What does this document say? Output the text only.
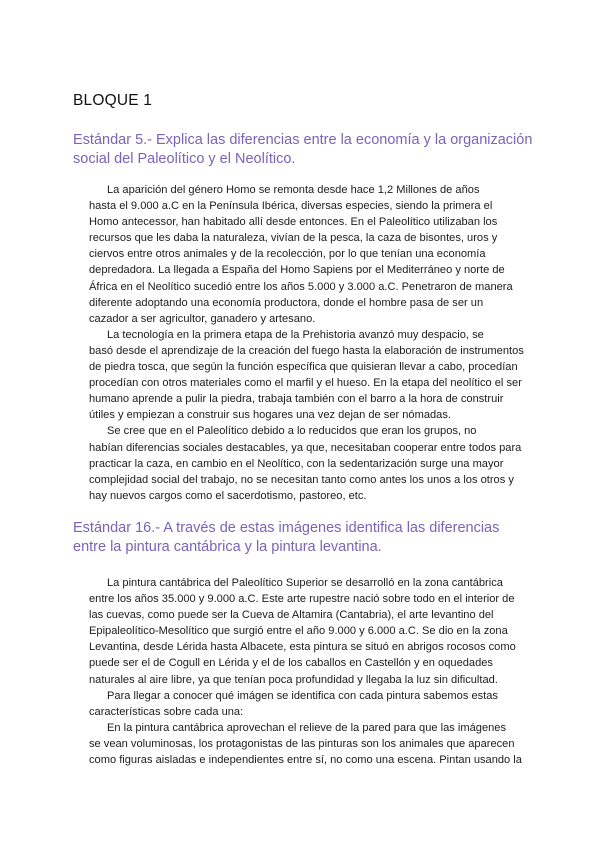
BLOQUE 1
Estándar 5.- Explica las diferencias entre la economía y la organización social del Paleolítico y el Neolítico.

La aparición del género Homo se remonta desde hace 1,2 Millones de años
hasta el 9.000 a.C en la Península Ibérica, diversas especies, siendo la primera el
Homo antecessor, han habitado allí desde entonces. En el Paleolítico utilizaban los
recursos que les daba la naturaleza, vivían de la pesca, la caza de bisontes, uros y
ciervos entre otros animales y de la recolección, por lo que tenían una economía
depredadora. La llegada a España del Homo Sapiens por el Mediterráneo y norte de
África en el Neolítico sucedió entre los años 5.000 y 3.000 a.C. Penetraron de manera
diferente adoptando una economía productora, donde el hombre pasa de ser un
cazador a ser agricultor, ganadero y artesano.

La tecnología en la primera etapa de la Prehistoria avanzó muy despacio, se
basó desde el aprendizaje de la creación del fuego hasta la elaboración de instrumentos
de piedra tosca, que según la función específica que quisieran llevar a cabo, procedían
procedían con otros materiales como el marfil y el hueso. En la etapa del neolítico el ser
humano aprende a pulir la piedra, trabaja también con el barro a la hora de construir
útiles y empiezan a construir sus hogares una vez dejan de ser nómadas.

Se cree que en el Paleolítico debido a lo reducidos que eran los grupos, no
habían diferencias sociales destacables, ya que, necesitaban cooperar entre todos para
practicar la caza, en cambio en el Neolítico, con la sedentarización surge una mayor
complejidad social del trabajo, no se necesitan tanto como antes los unos a los otros y
hay nuevos cargos como el sacerdotismo, pastoreo, etc.

Estándar 16.- A través de estas imágenes identifica las diferencias entre la pintura cantábrica y la pintura levantina.

La pintura cantábrica del Paleolítico Superior se desarrolló en la zona cantábrica
entre los años 35.000 y 9.000 a.C. Este arte rupestre nació sobre todo en el interior de
las cuevas, como puede ser la Cueva de Altamira (Cantabria), el arte levantino del
Epipaleolítico-Mesolítico que surgió entre el año 9.000 y 6.000 a.C. Se dio en la zona
Levantina, desde Lérida hasta Albacete, esta pintura se situó en abrigos rocosos como
puede ser el de Cogull en Lérida y el de los caballos en Castellón y en oquedades
naturales al aire libre, ya que tenían poca profundidad y llegaba la luz sin dificultad.

Para llegar a conocer qué imágen se identifica con cada pintura sabemos estas
características sobre cada una:

En la pintura cantábrica aprovechan el relieve de la pared para que las imágenes
se vean voluminosas, los protagonistas de las pinturas son los animales que aparecen
como figuras aisladas e independientes entre sí, no como una escena. Pintan usando la
